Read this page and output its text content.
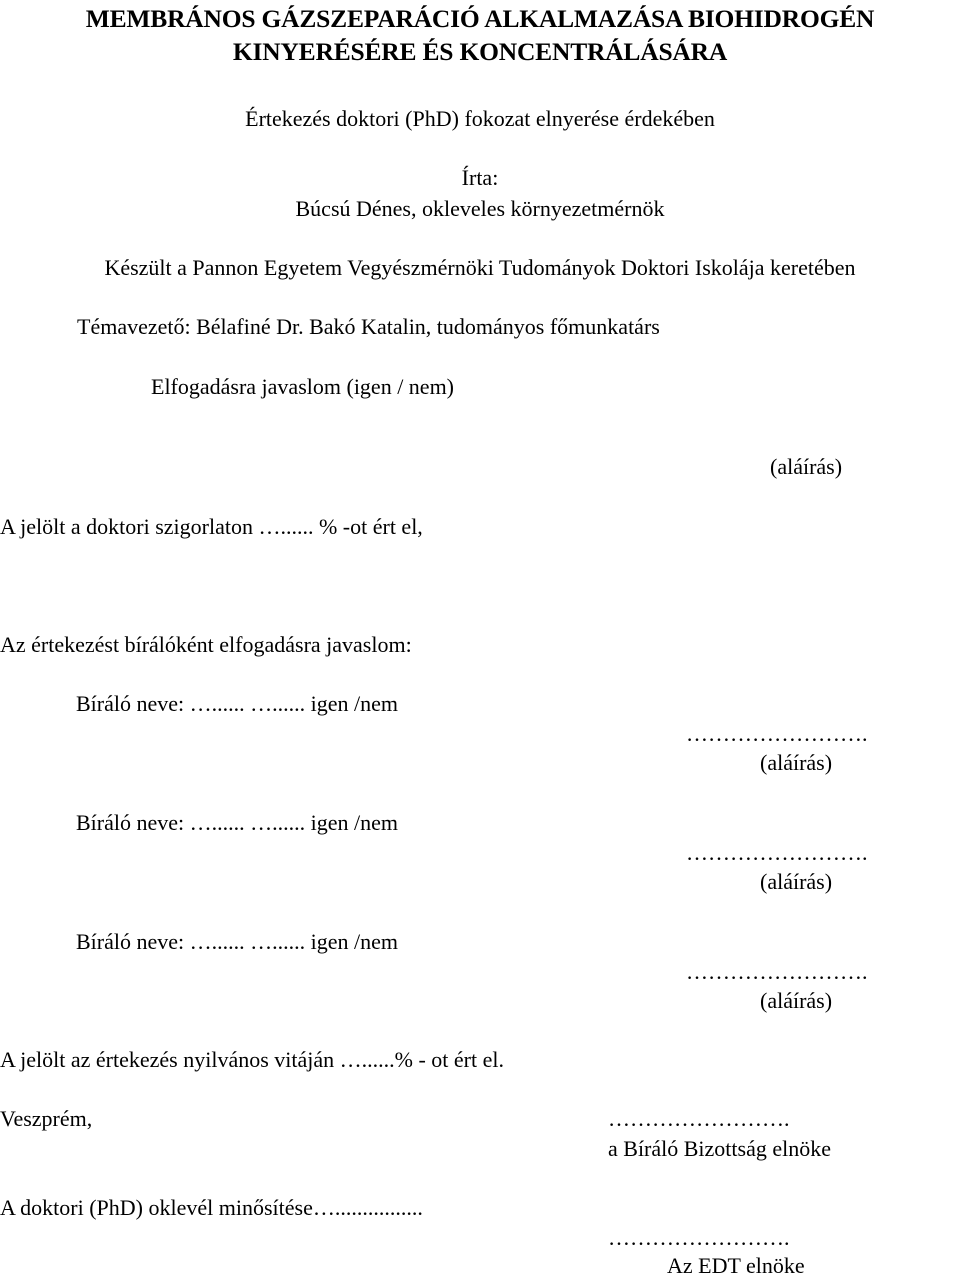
MEMBRÁNOS GÁZSZEPARÁCIÓ ALKALMAZÁSA BIOHIDROGÉN
KINYERÉSÉRE ÉS KONCENTRÁLÁSÁRA
Értekezés doktori (PhD) fokozat elnyerése érdekében
Írta:
Búcsú Dénes, okleveles környezetmérnök
Készült a Pannon Egyetem Vegyészmérnöki Tudományok Doktori Iskolája keretében
Témavezető: Bélafiné Dr. Bakó Katalin, tudományos főmunkatárs
Elfogadásra javaslom (igen / nem)
(aláírás)
A jelölt a doktori szigorlaton …...... % -ot ért el,
Az értekezést bírálóként elfogadásra javaslom:
Bíráló neve: …...... …...... igen /nem
…………………….
(aláírás)
Bíráló neve: …...... …...... igen /nem
…………………….
(aláírás)
Bíráló neve: …...... …...... igen /nem
…………………….
(aláírás)
A jelölt az értekezés nyilvános vitáján …......% - ot ért el.
Veszprém,	…………………….
a Bíráló Bizottság elnöke
A doktori (PhD) oklevél minősítése…................
…………………….
Az EDT elnöke
